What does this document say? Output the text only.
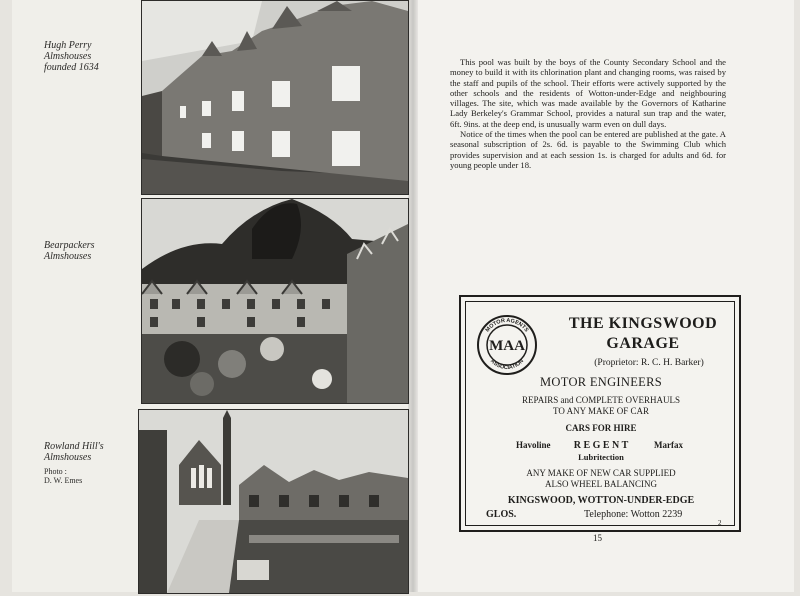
Hugh Perry
Almshouses
founded 1634
Bearpackers
Almshouses
Rowland Hill's
Almshouses
Photo :
D. W. Emes

This pool was built by the boys of the County Secondary School and the money to build it with its chlorination plant and changing rooms, was raised by the staff and pupils of the school. Their efforts were actively supported by the other schools and the residents of Wotton-under-Edge and neighbouring villages. The site, which was made available by the Governors of Katharine Lady Berkeley's Grammar School, provides a natural sun trap and the water, 6ft. 9ins. at the deep end, is unusually warm even on dull days.

Notice of the times when the pool can be entered are published at the gate. A seasonal subscription of 2s. 6d. is payable to the Swimming Club which provides supervision and at each session 1s. is charged for adults and 6d. for young people under 18.

MOTOR AGENTS
ASSOCIATION
MAA
THE KINGSWOOD
GARAGE
(Proprietor: R. C. H. Barker)
MOTOR ENGINEERS
REPAIRS and COMPLETE OVERHAULS
TO ANY MAKE OF CAR
CARS FOR HIRE
Havoline	R E G E N T	Marfax
Lubritection
ANY MAKE OF NEW CAR SUPPLIED
ALSO WHEEL BALANCING
KINGSWOOD, WOTTON-UNDER-EDGE
GLOS.	Telephone: Wotton 2239
2
15
